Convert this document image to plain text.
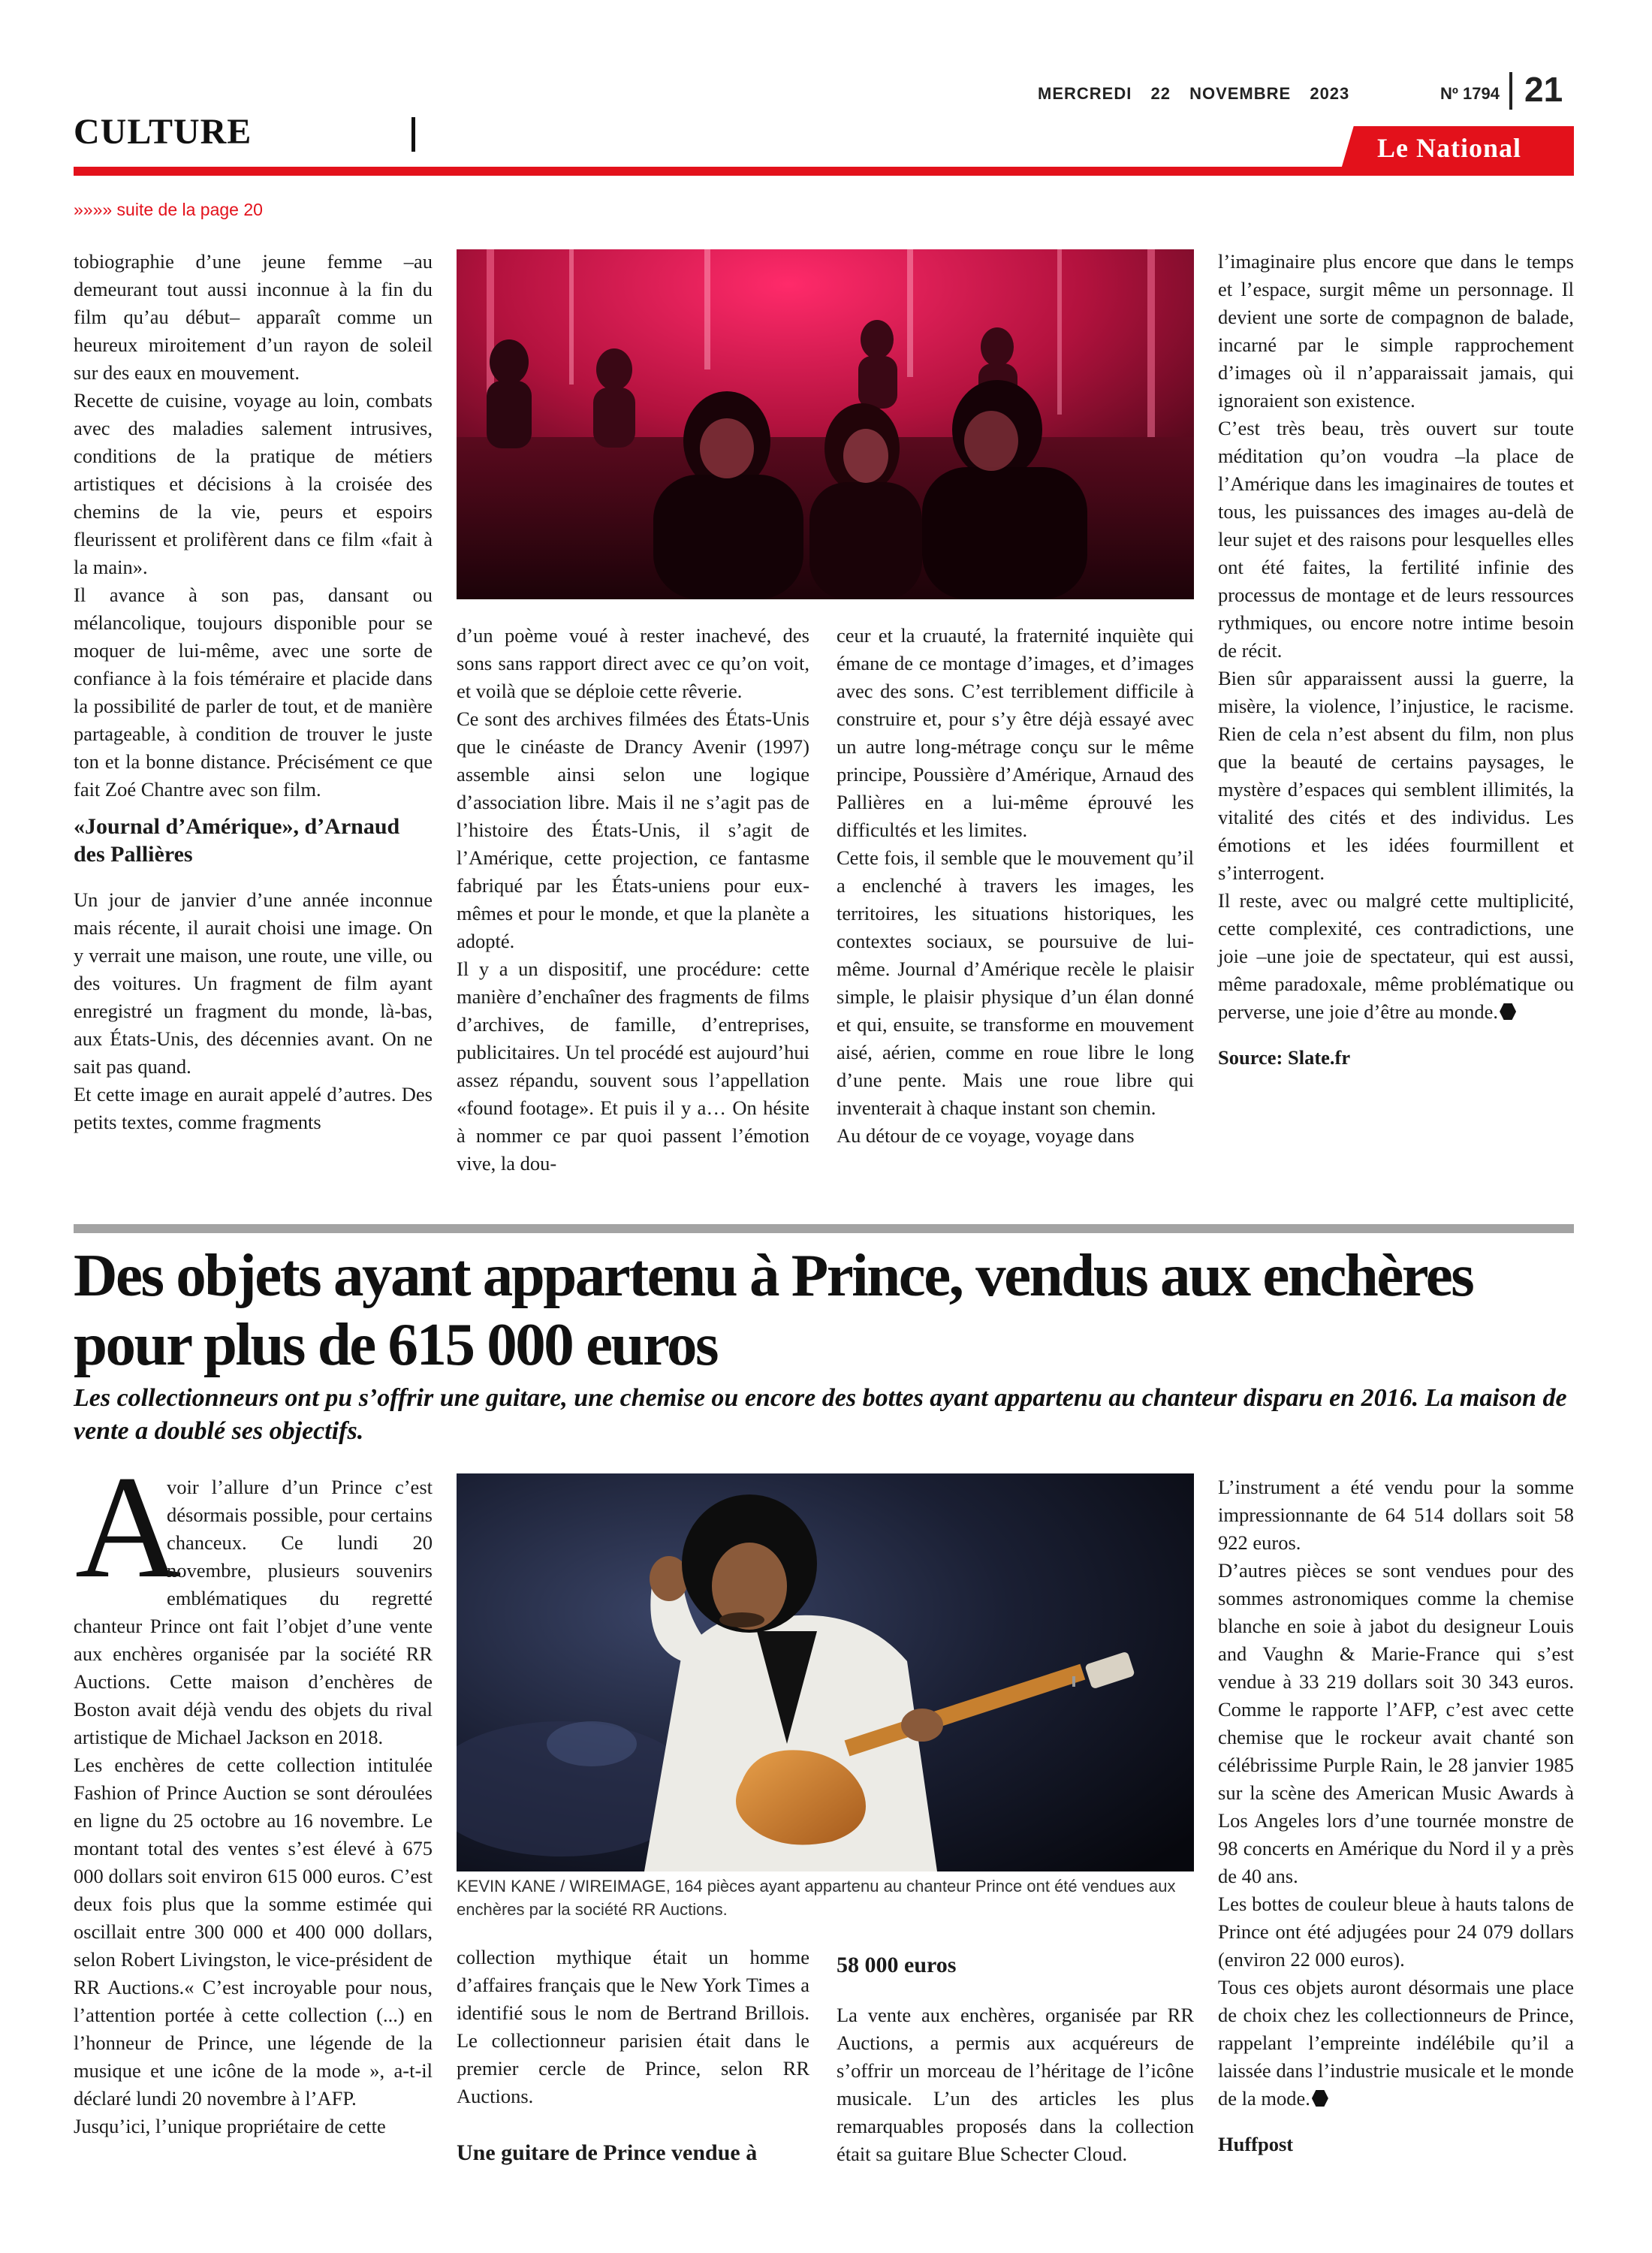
MERCREDI 22 NOVEMBRE 2023	Nº 1794 21
CULTURE	Le National
»»»» suite de la page 20

tobiographie d’une jeune femme –au demeurant tout aussi inconnue à la fin du film qu’au début– apparaît comme un heureux miroitement d’un rayon de soleil sur des eaux en mouvement.

Recette de cuisine, voyage au loin, combats avec des maladies salement intrusives, conditions de la pratique de métiers artistiques et décisions à la croisée des chemins de la vie, peurs et espoirs fleurissent et prolifèrent dans ce film «fait à la main».

Il avance à son pas, dansant ou mélancolique, toujours disponible pour se moquer de lui-même, avec une sorte de confiance à la fois téméraire et placide dans la possibilité de parler de tout, et de manière partageable, à condition de trouver le juste ton et la bonne distance. Précisément ce que fait Zoé Chantre avec son film.

«Journal d’Amérique», d’Arnaud des Pallières

Un jour de janvier d’une année inconnue mais récente, il aurait choisi une image. On y verrait une maison, une route, une ville, ou des voitures. Un fragment de film ayant enregistré un fragment du monde, là-bas, aux États-Unis, des décennies avant. On ne sait pas quand.

Et cette image en aurait appelé d’autres. Des petits textes, comme fragments

d’un poème voué à rester inachevé, des sons sans rapport direct avec ce qu’on voit, et voilà que se déploie cette rêverie.

Ce sont des archives filmées des États-Unis que le cinéaste de Drancy Avenir (1997) assemble ainsi selon une logique d’association libre. Mais il ne s’agit pas de l’histoire des États-Unis, il s’agit de l’Amérique, cette projection, ce fantasme fabriqué par les États-uniens pour eux-mêmes et pour le monde, et que la planète a adopté.

Il y a un dispositif, une procédure: cette manière d’enchaîner des fragments de films d’archives, de famille, d’entreprises, publicitaires. Un tel procédé est aujourd’hui assez répandu, souvent sous l’appellation «found footage». Et puis il y a… On hésite à nommer ce par quoi passent l’émotion vive, la dou-

ceur et la cruauté, la fraternité inquiète qui émane de ce montage d’images, et d’images avec des sons. C’est terriblement difficile à construire et, pour s’y être déjà essayé avec un autre long-métrage conçu sur le même principe, Poussière d’Amérique, Arnaud des Pallières en a lui-même éprouvé les difficultés et les limites.

Cette fois, il semble que le mouvement qu’il a enclenché à travers les images, les territoires, les situations historiques, les contextes sociaux, se poursuive de lui-même. Journal d’Amérique recèle le plaisir simple, le plaisir physique d’un élan donné et qui, ensuite, se transforme en mouvement aisé, aérien, comme en roue libre le long d’une pente. Mais une roue libre qui inventerait à chaque instant son chemin.

Au détour de ce voyage, voyage dans

l’imaginaire plus encore que dans le temps et l’espace, surgit même un personnage. Il devient une sorte de compagnon de balade, incarné par le simple rapprochement d’images où il n’apparaissait jamais, qui ignoraient son existence.

C’est très beau, très ouvert sur toute méditation qu’on voudra –la place de l’Amérique dans les imaginaires de toutes et tous, les puissances des images au-delà de leur sujet et des raisons pour lesquelles elles ont été faites, la fertilité infinie des processus de montage et de leurs ressources rythmiques, ou encore notre intime besoin de récit.

Bien sûr apparaissent aussi la guerre, la misère, la violence, l’injustice, le racisme. Rien de cela n’est absent du film, non plus que la beauté de certains paysages, le mystère d’espaces qui semblent illimités, la vitalité des cités et des individus. Les émotions et les idées fourmillent et s’interrogent.

Il reste, avec ou malgré cette multiplicité, cette complexité, ces contradictions, une joie –une joie de spectateur, qui est aussi, même paradoxale, même problématique ou perverse, une joie d’être au monde.

Source: Slate.fr

Des objets ayant appartenu à Prince, vendus aux enchères pour plus de 615 000 euros

Les collectionneurs ont pu s’offrir une guitare, une chemise ou encore des bottes ayant appartenu au chanteur disparu en 2016. La maison de vente a doublé ses objectifs.

A

voir l’allure d’un Prince c’est désormais possible, pour certains chanceux. Ce lundi 20 novembre, plusieurs souvenirs emblématiques du regretté chanteur Prince ont fait l’objet d’une vente aux enchères organisée par la société RR Auctions. Cette maison d’enchères de Boston avait déjà vendu des objets du rival artistique de Michael Jackson en 2018.

Les enchères de cette collection intitulée Fashion of Prince Auction se sont déroulées en ligne du 25 octobre au 16 novembre. Le montant total des ventes s’est élevé à 675 000 dollars soit environ 615 000 euros. C’est deux fois plus que la somme estimée qui oscillait entre 300 000 et 400 000 dollars, selon Robert Livingston, le vice-président de RR Auctions.« C’est incroyable pour nous, l’attention portée à cette collection (...) en l’honneur de Prince, une légende de la musique et une icône de la mode », a-t-il déclaré lundi 20 novembre à l’AFP.

Jusqu’ici, l’unique propriétaire de cette

KEVIN KANE / WIREIMAGE, 164 pièces ayant appartenu au chanteur Prince ont été vendues aux enchères par la société RR Auctions.

collection mythique était un homme d’affaires français que le New York Times a identifié sous le nom de Bertrand Brillois. Le collectionneur parisien était dans le premier cercle de Prince, selon RR Auctions.

Une guitare de Prince vendue à

58 000 euros

La vente aux enchères, organisée par RR Auctions, a permis aux acquéreurs de s’offrir un morceau de l’héritage de l’icône musicale. L’un des articles les plus remarquables proposés dans la collection était sa guitare Blue Schecter Cloud.

L’instrument a été vendu pour la somme impressionnante de 64 514 dollars soit 58 922 euros.

D’autres pièces se sont vendues pour des sommes astronomiques comme la chemise blanche en soie à jabot du designeur Louis and Vaughn & Marie-France qui s’est vendue à 33 219 dollars soit 30 343 euros. Comme le rapporte l’AFP, c’est avec cette chemise que le rockeur avait chanté son célébrissime Purple Rain, le 28 janvier 1985 sur la scène des American Music Awards à Los Angeles lors d’une tournée monstre de 98 concerts en Amérique du Nord il y a près de 40 ans.

Les bottes de couleur bleue à hauts talons de Prince ont été adjugées pour 24 079 dollars (environ 22 000 euros).

Tous ces objets auront désormais une place de choix chez les collectionneurs de Prince, rappelant l’empreinte indélébile qu’il a laissée dans l’industrie musicale et le monde de la mode.

Huffpost
